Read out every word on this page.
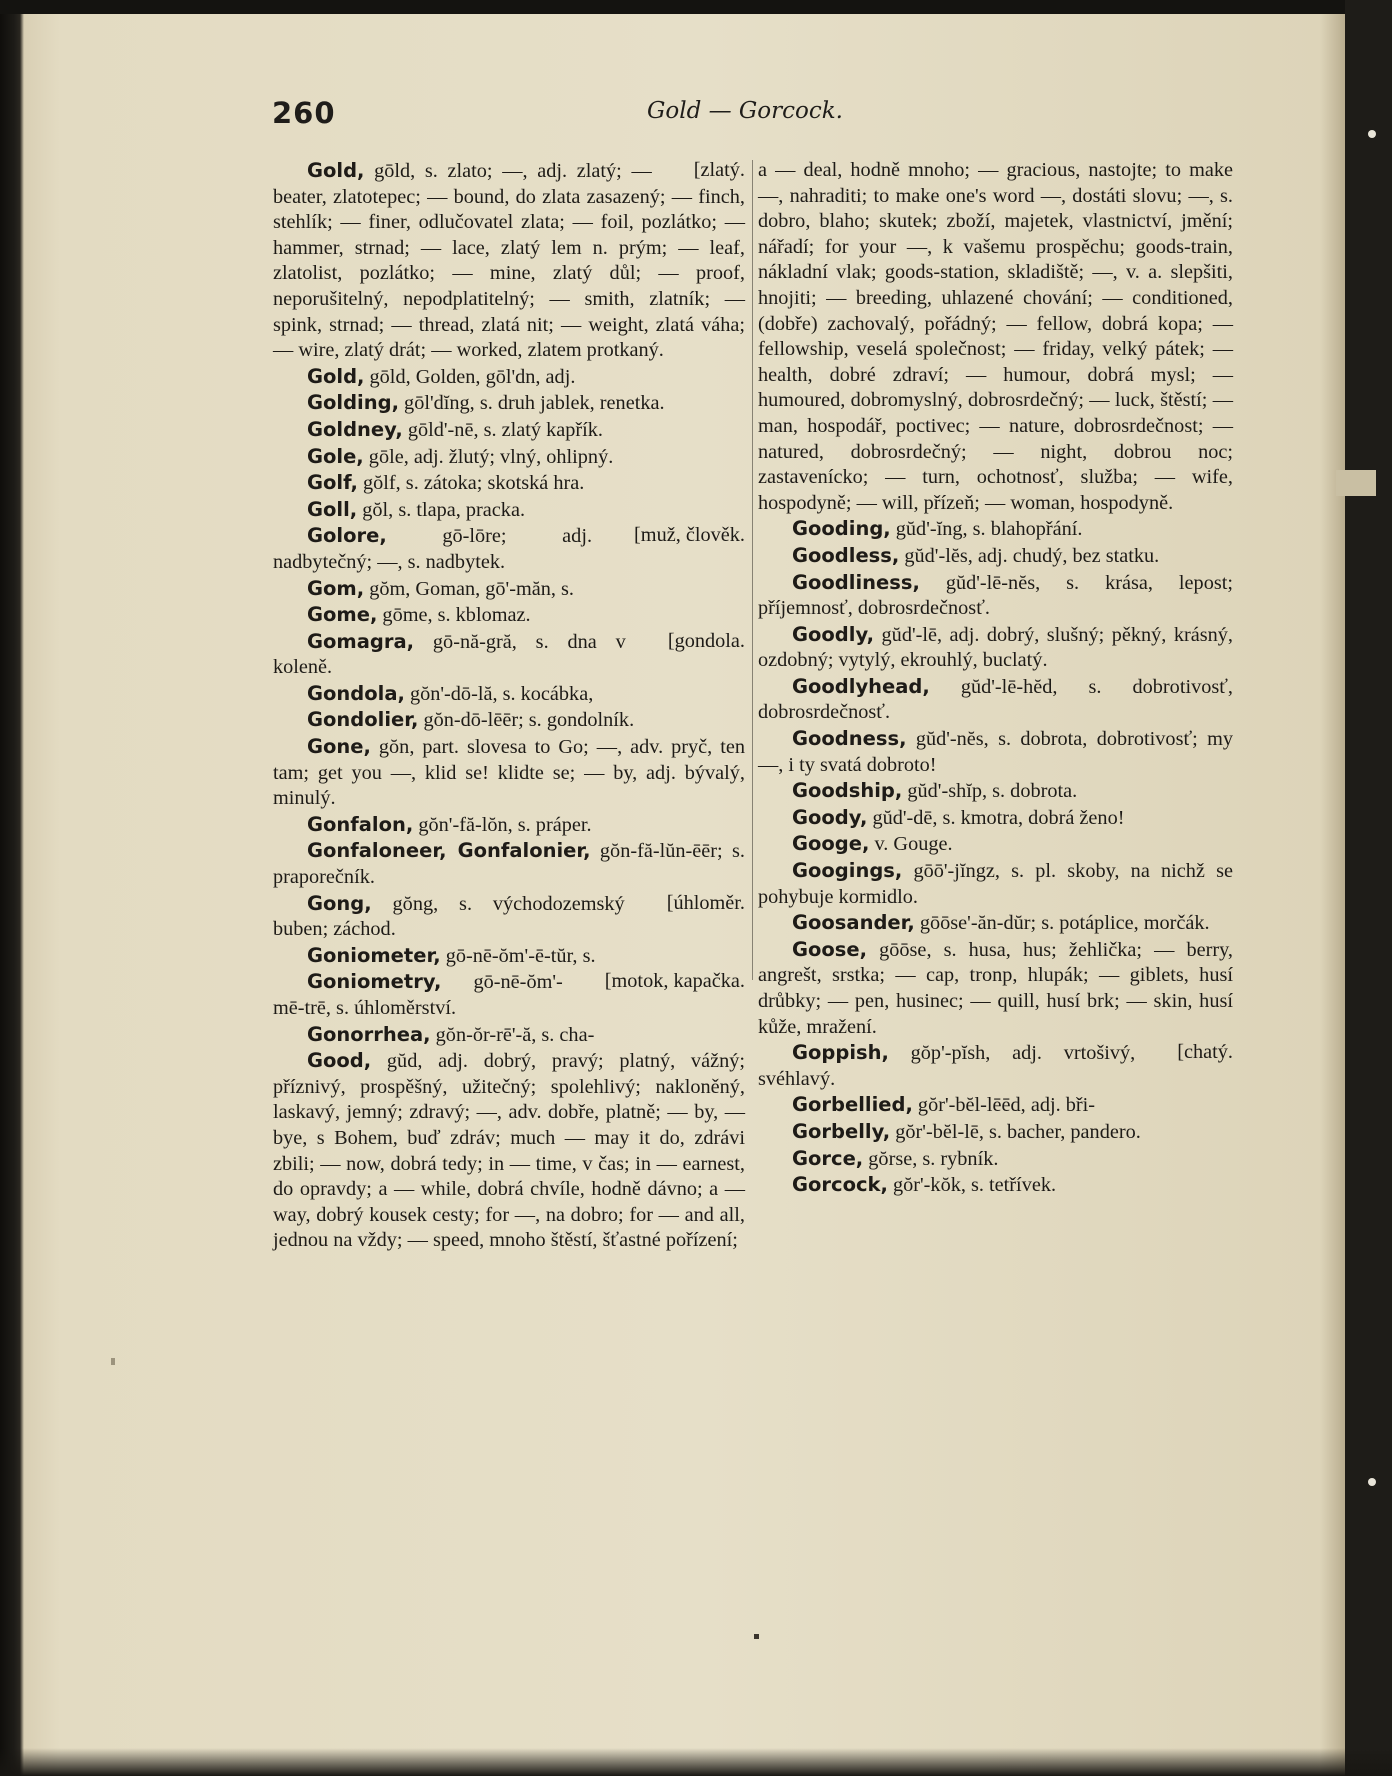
260	Gold — Gorcock.

[zlatý.
Gold, gōld, s. zlato; —, adj. zlatý; — beater, zlatotepec; — bound, do zlata zasazený; — finch, stehlík; — finer, odlučovatel zlata; — foil, pozlátko; — hammer, strnad; — lace, zlatý lem n. prým; — leaf, zlatolist, pozlátko; — mine, zlatý důl; — proof, neporušitelný, nepodplatitelný; — smith, zlatník; — spink, strnad; — thread, zlatá nit; — weight, zlatá váha; — wire, zlatý drát; — worked, zlatem protkaný.

Gold, gōld, Golden, gōl'dn, adj.

Golding, gōl'dĭng, s. druh jablek, renetka.

Goldney, gōld'-nē, s. zlatý kapřík.

Gole, gōle, adj. žlutý; vlný, ohlipný.

Golf, gŏlf, s. zátoka; skotská hra.

Goll, gŏl, s. tlapa, pracka.

[muž, člověk.
Golore, gō-lōre; adj. nadbytečný; —, s. nadbytek.

Gom, gŏm, Goman, gō'-măn, s.

Gome, gōme, s. kblomaz.

[gondola.
Gomagra, gō-nă-gră, s. dna v koleně.

Gondola, gŏn'-dō-lă, s. kocábka,

Gondolier, gŏn-dō-lēēr; s. gondolník.

Gone, gŏn, part. slovesa to Go; —, adv. pryč, ten tam; get you —, klid se! klidte se; — by, adj. bývalý, minulý.

Gonfalon, gŏn'-fă-lŏn, s. práper.

Gonfaloneer, Gonfalonier, gŏn-fă-lŭn-ēēr; s. praporečník.

[úhloměr.
Gong, gŏng, s. východozemský buben; záchod.

Goniometer, gō-nē-ŏm'-ē-tŭr, s.

[motok, kapačka.
Goniometry, gō-nē-ŏm'-mē-trē, s. úhloměrství.

Gonorrhea, gŏn-ŏr-rē'-ă, s. cha-

Good, gŭd, adj. dobrý, pravý; platný, vážný; příznivý, prospěšný, užitečný; spolehlivý; nakloněný, laskavý, jemný; zdravý; —, adv. dobře, platně; — by, — bye, s Bohem, buď zdráv; much — may it do, zdrávi zbili; — now, dobrá tedy; in — time, v čas; in — earnest, do opravdy; a — while, dobrá chvíle, hodně dávno; a — way, dobrý kousek cesty; for —, na dobro; for — and all, jednou na vždy; — speed, mnoho štěstí, šťastné pořízení;

a — deal, hodně mnoho; — gracious, nastojte; to make —, nahraditi; to make one's word —, dostáti slovu; —, s. dobro, blaho; skutek; zboží, majetek, vlastnictví, jmění; nářadí; for your —, k vašemu prospěchu; goods-train, nákladní vlak; goods-station, skladiště; —, v. a. slepšiti, hnojiti; — breeding, uhlazené chování; — conditioned, (dobře) zachovalý, pořádný; — fellow, dobrá kopa; — fellowship, veselá společnost; — friday, velký pátek; — health, dobré zdraví; — humour, dobrá mysl; — humoured, dobromyslný, dobrosrdečný; — luck, štěstí; — man, hospodář, poctivec; — nature, dobrosrdečnost; — natured, dobrosrdečný; — night, dobrou noc; zastavenícko; — turn, ochotnosť, služba; — wife, hospodyně; — will, přízeň; — woman, hospodyně.

Gooding, gŭd'-ĭng, s. blahopřání.

Goodless, gŭd'-lĕs, adj. chudý, bez statku.

Goodliness, gŭd'-lē-nĕs, s. krása, lepost; příjemnosť, dobrosrdečnosť.

Goodly, gŭd'-lē, adj. dobrý, slušný; pěkný, krásný, ozdobný; vytylý, ekrouhlý, buclatý.

Goodlyhead, gŭd'-lē-hĕd, s. dobrotivosť, dobrosrdečnosť.

Goodness, gŭd'-nĕs, s. dobrota, dobrotivosť; my —, i ty svatá dobroto!

Goodship, gŭd'-shĭp, s. dobrota.

Goody, gŭd'-dē, s. kmotra, dobrá ženo!

Googe, v. Gouge.

Googings, gōō'-jĭngz, s. pl. skoby, na nichž se pohybuje kormidlo.

Goosander, gōōse'-ăn-dŭr; s. potáplice, morčák.

Goose, gōōse, s. husa, hus; žehlička; — berry, angrešt, srstka; — cap, tronp, hlupák; — giblets, husí drůbky; — pen, husinec; — quill, husí brk; — skin, husí kůže, mražení.

[chatý.
Goppish, gŏp'-pĭsh, adj. vrtošivý, svéhlavý.

Gorbellied, gŏr'-bĕl-lēēd, adj. bři-

Gorbelly, gŏr'-bĕl-lē, s. bacher, pandero.

Gorce, gŏrse, s. rybník.

Gorcock, gŏr'-kŏk, s. tetřívek.
